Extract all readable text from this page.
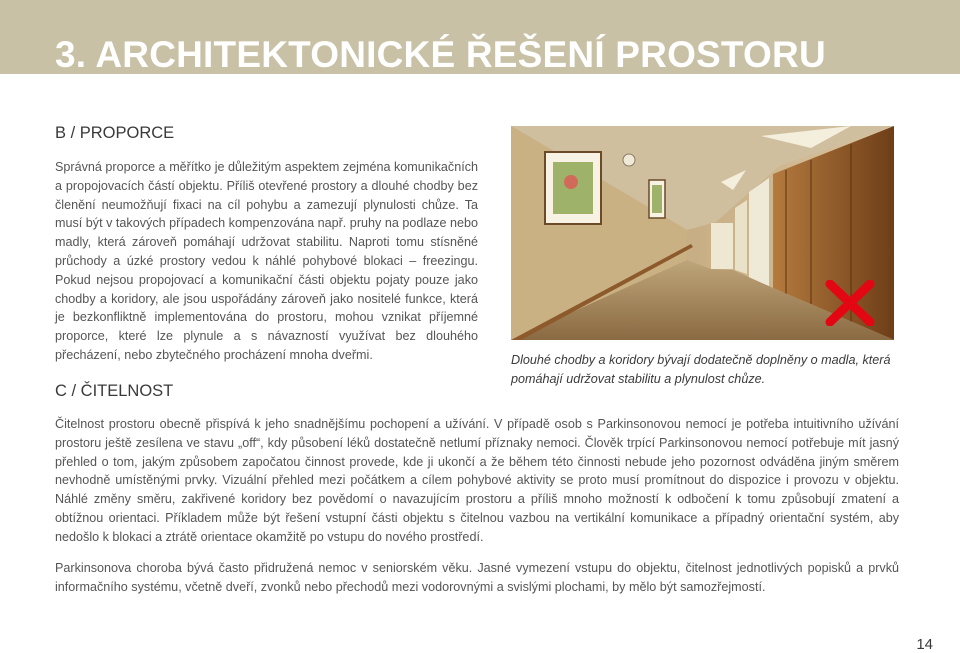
3. ARCHITEKTONICKÉ ŘEŠENÍ PROSTORU
B / PROPORCE
Správná proporce a měřítko je důležitým aspektem zejména komunikačních a propojovacích částí objektu. Příliš otevřené prostory a dlouhé chodby bez členění neumožňují fixaci na cíl pohybu a zamezují plynulosti chůze. Ta musí být v takových případech kompenzována např. pruhy na podlaze nebo madly, která zároveň pomáhají udržovat stabilitu. Naproti tomu stísněné průchody a úzké prostory vedou k náhlé pohybové blokaci – freezingu. Pokud nejsou propojovací a komunikační části objektu pojaty pouze jako chodby a koridory, ale jsou uspořádány zároveň jako nositelé funkce, která je bezkonfliktně implementována do prostoru, mohou vznikat příjemné proporce, které lze plynule a s návazností využívat bez dlouhého přecházení, nebo zbytečného procházení mnoha dveřmi.	Dlouhé chodby a koridory bývají dodatečně doplněny o madla, která pomáhají udržovat stabilitu a plynulost chůze.
C / ČITELNOST
Čitelnost prostoru obecně přispívá k jeho snadnějšímu pochopení a užívání. V případě osob s Parkinsonovou nemocí je potřeba intuitivního užívání prostoru ještě zesílena ve stavu „off“, kdy působení léků dostatečně netlumí příznaky nemoci. Člověk trpící Parkinsonovou nemocí potřebuje mít jasný přehled o tom, jakým způsobem započatou činnost provede, kde ji ukončí a že během této činnosti nebude jeho pozornost odváděna jiným směrem nevhodně umístěnými prvky. Vizuální přehled mezi počátkem a cílem pohybové aktivity se proto musí promítnout do dispozice i provozu v objektu. Náhlé změny směru, zakřivené koridory bez povědomí o navazujícím prostoru a příliš mnoho možností k odbočení k tomu způsobují zmatení a obtížnou orientaci. Příkladem může být řešení vstupní části objektu s čitelnou vazbou na vertikální komunikace a případný orientační systém, aby nedošlo k blokaci a ztrátě orientace okamžitě po vstupu do nového prostředí.
Parkinsonova choroba bývá často přidružená nemoc v seniorském věku. Jasné vymezení vstupu do objektu, čitelnost jednotlivých popisků a prvků informačního systému, včetně dveří, zvonků nebo přechodů mezi vodorovnými a svislými plochami, by mělo být samozřejmostí.
14
